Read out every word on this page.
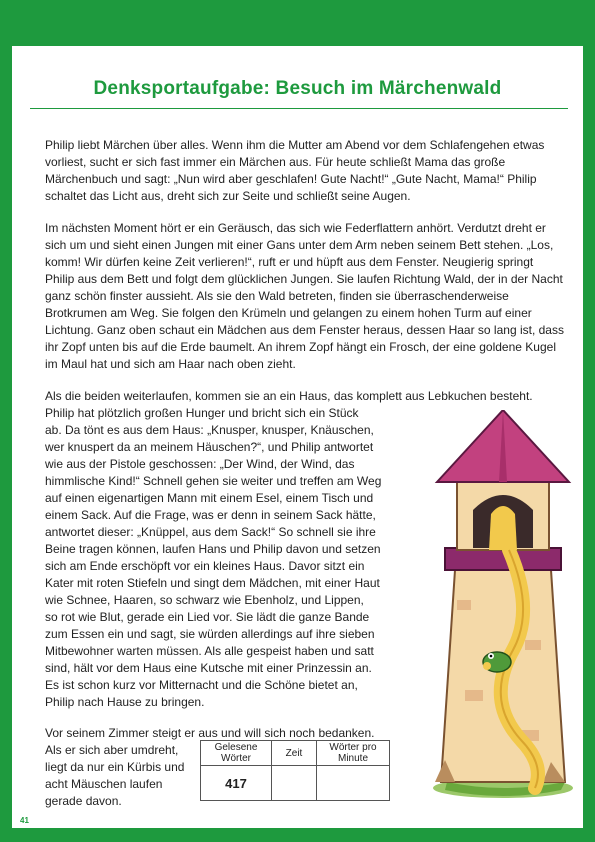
Denksportaufgabe: Besuch im Märchenwald

Philip liebt Märchen über alles. Wenn ihm die Mutter am Abend vor dem Schlafengehen etwas vorliest, sucht er sich fast immer ein Märchen aus. Für heute schließt Mama das große Märchenbuch und sagt: „Nun wird aber geschlafen! Gute Nacht!“ „Gute Nacht, Mama!“ Philip schaltet das Licht aus, dreht sich zur Seite und schließt seine Augen.

Im nächsten Moment hört er ein Geräusch, das sich wie Federflattern anhört. Verdutzt dreht er sich um und sieht einen Jungen mit einer Gans unter dem Arm neben seinem Bett stehen. „Los, komm! Wir dürfen keine Zeit verlieren!“, ruft er und hüpft aus dem Fenster. Neugierig springt Philip aus dem Bett und folgt dem glücklichen Jungen. Sie laufen Richtung Wald, der in der Nacht ganz schön finster aussieht. Als sie den Wald betreten, finden sie überraschenderweise Brotkrumen am Weg. Sie folgen den Krümeln und gelangen zu einem hohen Turm auf einer Lichtung. Ganz oben schaut ein Mädchen aus dem Fenster heraus, dessen Haar so lang ist, dass ihr Zopf unten bis auf die Erde baumelt. An ihrem Zopf hängt ein Frosch, der eine goldene Kugel im Maul hat und sich am Haar nach oben zieht.

Als die beiden weiterlaufen, kommen sie an ein Haus, das komplett aus Lebkuchen besteht.
Philip hat plötzlich großen Hunger und bricht sich ein Stück
ab. Da tönt es aus dem Haus: „Knusper, knusper, Knäuschen,
wer knuspert da an meinem Häuschen?“, und Philip antwortet
wie aus der Pistole geschossen: „Der Wind, der Wind, das
himmlische Kind!“ Schnell gehen sie weiter und treffen am Weg
auf einen eigenartigen Mann mit einem Esel, einem Tisch und
einem Sack. Auf die Frage, was er denn in seinem Sack hätte,
antwortet dieser: „Knüppel, aus dem Sack!“ So schnell sie ihre
Beine tragen können, laufen Hans und Philip davon und setzen
sich am Ende erschöpft vor ein kleines Haus. Davor sitzt ein
Kater mit roten Stiefeln und singt dem Mädchen, mit einer Haut
wie Schnee, Haaren, so schwarz wie Ebenholz, und Lippen,
so rot wie Blut, gerade ein Lied vor. Sie lädt die ganze Bande
zum Essen ein und sagt, sie würden allerdings auf ihre sieben
Mitbewohner warten müssen. Als alle gespeist haben und satt
sind, hält vor dem Haus eine Kutsche mit einer Prinzessin an.
Es ist schon kurz vor Mitternacht und die Schöne bietet an,
Philip nach Hause zu bringen.
Vor seinem Zimmer steigt er aus und will sich noch bedanken.
Als er sich aber umdreht,
liegt da nur ein Kürbis und
acht Mäuschen laufen
gerade davon.
Gelesene Wörter	Zeit	Wörter pro Minute
417		
41
